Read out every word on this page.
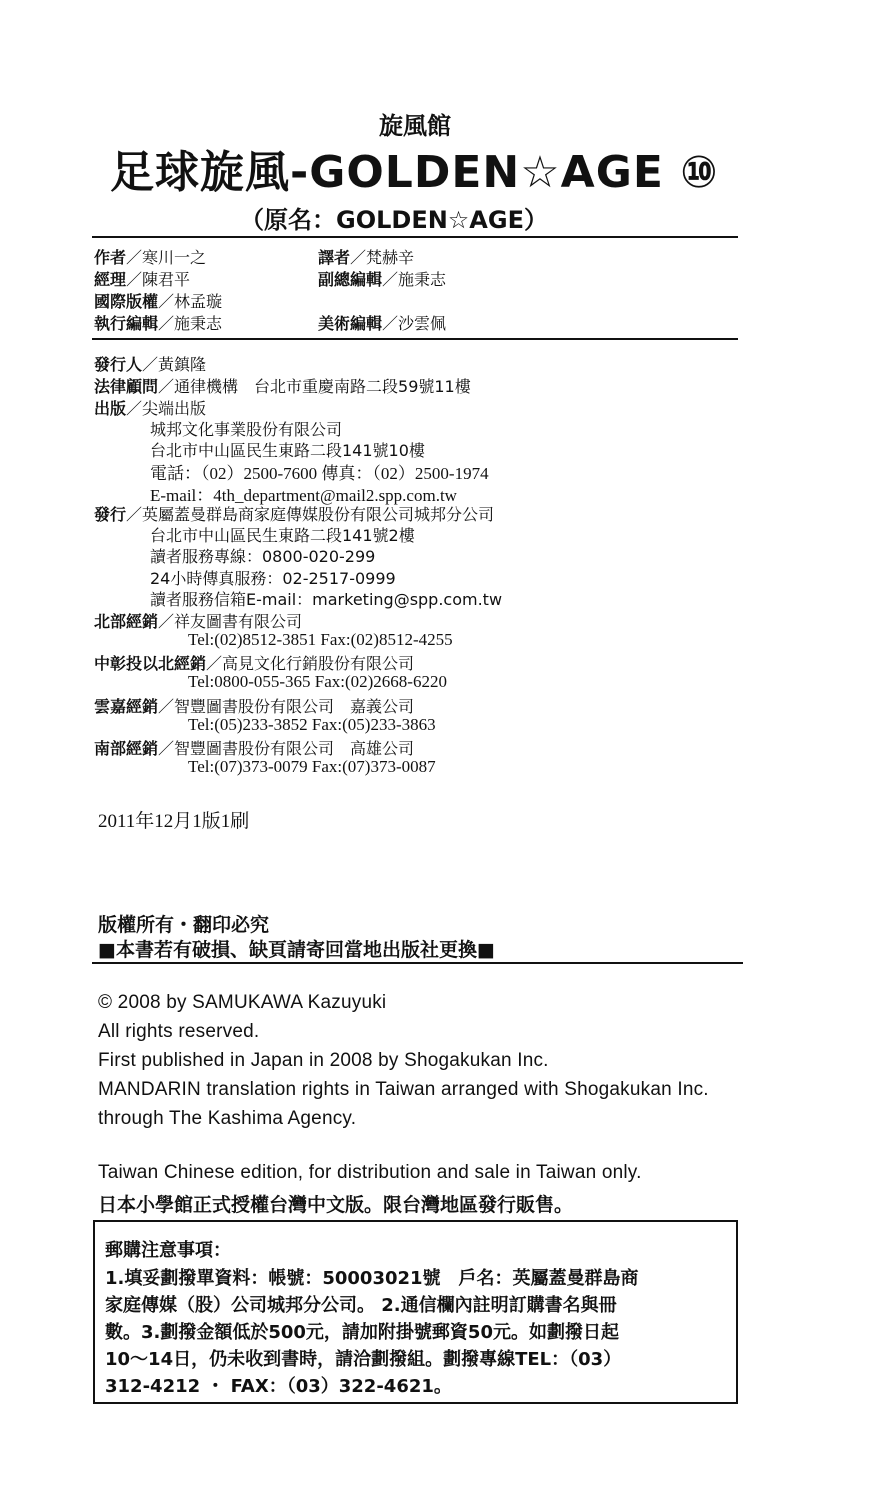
旋風館
足球旋風-GOLDEN☆AGE ⑩
（原名：GOLDEN☆AGE）
作者／寒川一之	譯者／梵赫辛
經理／陳君平	副總編輯／施秉志
國際版權／林孟璇
執行編輯／施秉志	美術編輯／沙雲佩
發行人／黃鎮隆
法律顧問／通律機構　台北市重慶南路二段59號11樓
出版／尖端出版
城邦文化事業股份有限公司
台北市中山區民生東路二段141號10樓
電話：（02）2500-7600 傳真：（02）2500-1974
E-mail：4th_department@mail2.spp.com.tw
發行／英屬蓋曼群島商家庭傳媒股份有限公司城邦分公司
台北市中山區民生東路二段141號2樓
讀者服務專線：0800-020-299
24小時傳真服務：02-2517-0999
讀者服務信箱E-mail：marketing@spp.com.tw
北部經銷／祥友圖書有限公司
Tel:(02)8512-3851 Fax:(02)8512-4255
中彰投以北經銷／高見文化行銷股份有限公司
Tel:0800-055-365 Fax:(02)2668-6220
雲嘉經銷／智豐圖書股份有限公司　嘉義公司
Tel:(05)233-3852 Fax:(05)233-3863
南部經銷／智豐圖書股份有限公司　高雄公司
Tel:(07)373-0079 Fax:(07)373-0087
2011年12月1版1刷
版權所有・翻印必究
■本書若有破損、缺頁請寄回當地出版社更換■
© 2008 by SAMUKAWA Kazuyuki
All rights reserved.
First published in Japan in 2008 by Shogakukan Inc.
MANDARIN translation rights in Taiwan arranged with Shogakukan Inc.
through The Kashima Agency.
Taiwan Chinese edition, for distribution and sale in Taiwan only.
日本小學館正式授權台灣中文版。限台灣地區發行販售。
郵購注意事項：
1.填妥劃撥單資料：帳號：50003021號　戶名：英屬蓋曼群島商
家庭傳媒（股）公司城邦分公司。 2.通信欄內註明訂購書名與冊
數。3.劃撥金額低於500元，請加附掛號郵資50元。如劃撥日起
10～14日，仍未收到書時，請洽劃撥組。劃撥專線TEL：（03）
312-4212 ・ FAX：（03）322-4621。
